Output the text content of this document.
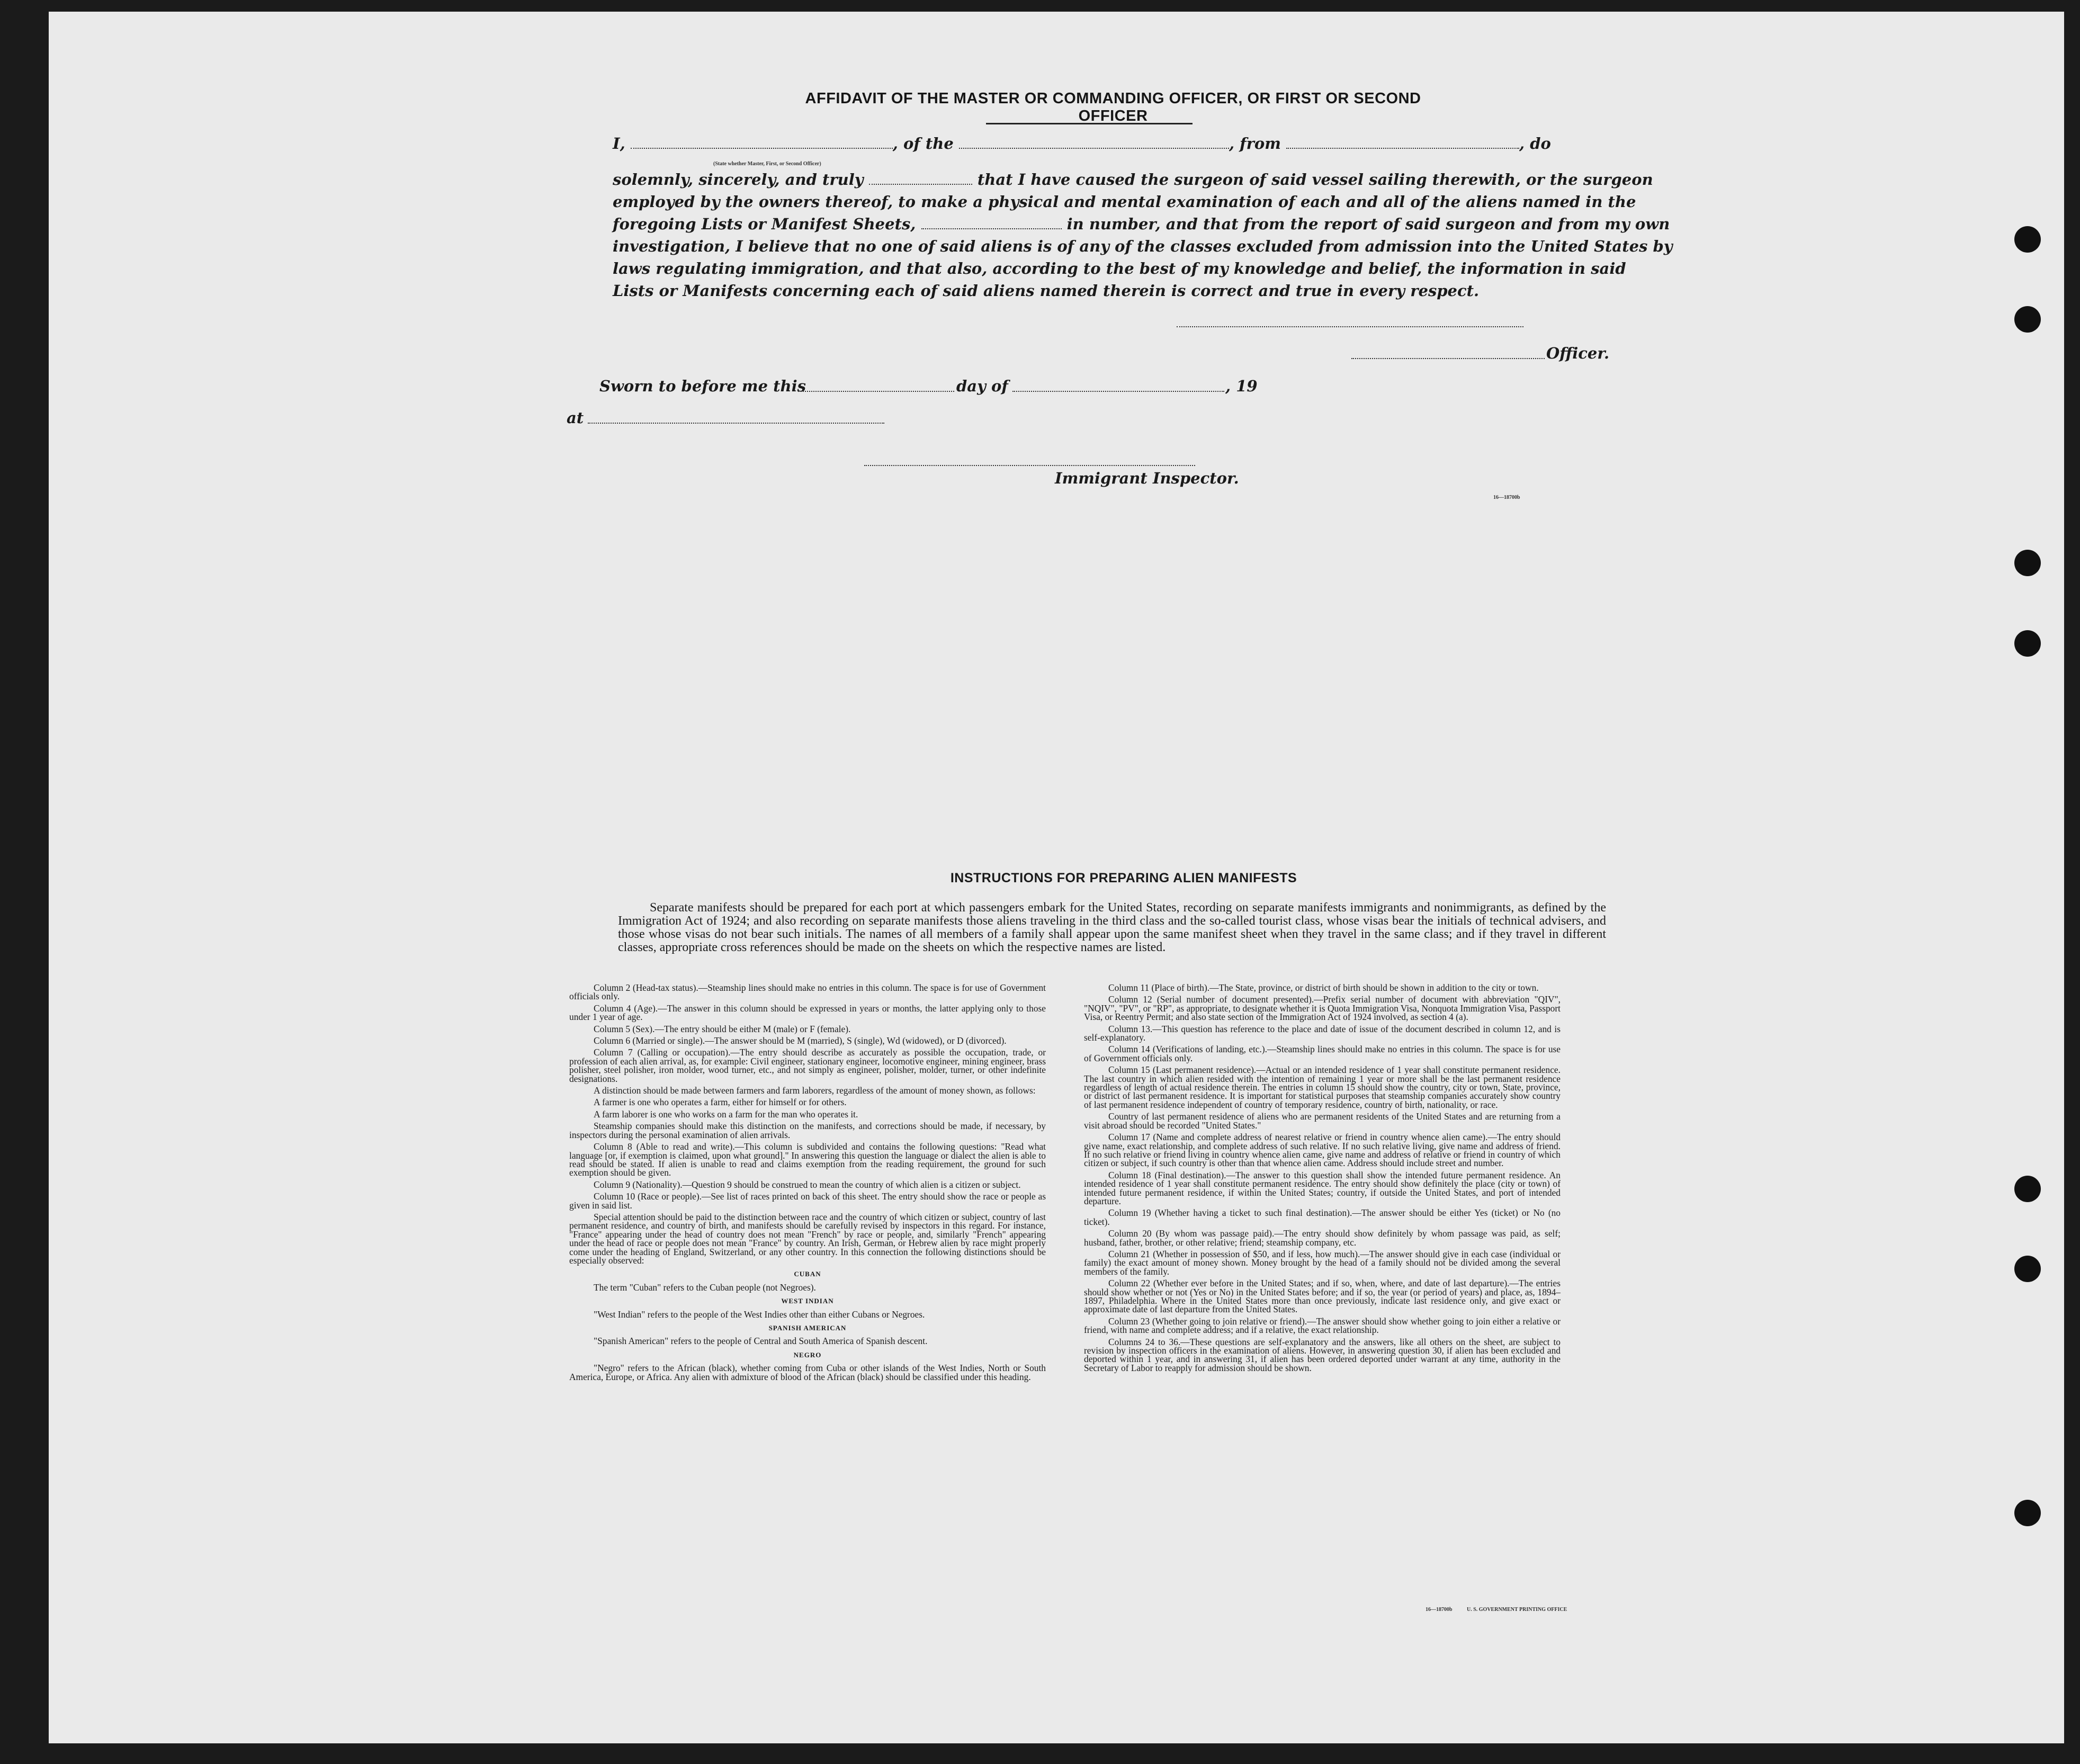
AFFIDAVIT OF THE MASTER OR COMMANDING OFFICER, OR FIRST OR SECOND OFFICER
I,	, of the	, from	, do
(State whether Master, First, or Second Officer)
solemnly, sincerely, and truly	that I have caused the surgeon of said vessel sailing therewith, or the surgeon
employed by the owners thereof, to make a physical and mental examination of each and all of the aliens named in the
foregoing Lists or Manifest Sheets,	in number, and that from the report of said surgeon and from my own
investigation, I believe that no one of said aliens is of any of the classes excluded from admission into the United States by
laws regulating immigration, and that also, according to the best of my knowledge and belief, the information in said
Lists or Manifests concerning each of said aliens named therein is correct and true in every respect.
Officer.
Sworn to before me this	day of	, 19
at
Immigrant Inspector.
16—18700b
INSTRUCTIONS FOR PREPARING ALIEN MANIFESTS
Separate manifests should be prepared for each port at which passengers embark for the United States, recording on separate manifests immigrants and nonimmigrants, as defined by the Immigration Act of 1924; and also recording on separate manifests those aliens traveling in the third class and the so-called tourist class, whose visas bear the initials of technical advisers, and those whose visas do not bear such initials. The names of all members of a family shall appear upon the same manifest sheet when they travel in the same class; and if they travel in different classes, appropriate cross references should be made on the sheets on which the respective names are listed.

Column 2 (Head-tax status).—Steamship lines should make no entries in this column. The space is for use of Government officials only.

Column 4 (Age).—The answer in this column should be expressed in years or months, the latter applying only to those under 1 year of age.

Column 5 (Sex).—The entry should be either M (male) or F (female).

Column 6 (Married or single).—The answer should be M (married), S (single), Wd (widowed), or D (divorced).

Column 7 (Calling or occupation).—The entry should describe as accurately as possible the occupation, trade, or profession of each alien arrival, as, for example: Civil engineer, stationary engineer, locomotive engineer, mining engineer, brass polisher, steel polisher, iron molder, wood turner, etc., and not simply as engineer, polisher, molder, turner, or other indefinite designations.

A distinction should be made between farmers and farm laborers, regardless of the amount of money shown, as follows:

A farmer is one who operates a farm, either for himself or for others.

A farm laborer is one who works on a farm for the man who operates it.

Steamship companies should make this distinction on the manifests, and corrections should be made, if necessary, by inspectors during the personal examination of alien arrivals.

Column 8 (Able to read and write).—This column is subdivided and contains the following questions: "Read what language [or, if exemption is claimed, upon what ground]." In answering this question the language or dialect the alien is able to read should be stated. If alien is unable to read and claims exemption from the reading requirement, the ground for such exemption should be given.

Column 9 (Nationality).—Question 9 should be construed to mean the country of which alien is a citizen or subject.

Column 10 (Race or people).—See list of races printed on back of this sheet. The entry should show the race or people as given in said list.

Special attention should be paid to the distinction between race and the country of which citizen or subject, country of last permanent residence, and country of birth, and manifests should be carefully revised by inspectors in this regard. For instance, "France" appearing under the head of country does not mean "French" by race or people, and, similarly "French" appearing under the head of race or people does not mean "France" by country. An Irish, German, or Hebrew alien by race might properly come under the heading of England, Switzerland, or any other country. In this connection the following distinctions should be especially observed:

CUBAN

The term "Cuban" refers to the Cuban people (not Negroes).

WEST INDIAN

"West Indian" refers to the people of the West Indies other than either Cubans or Negroes.

SPANISH AMERICAN

"Spanish American" refers to the people of Central and South America of Spanish descent.

NEGRO

"Negro" refers to the African (black), whether coming from Cuba or other islands of the West Indies, North or South America, Europe, or Africa. Any alien with admixture of blood of the African (black) should be classified under this heading.

Column 11 (Place of birth).—The State, province, or district of birth should be shown in addition to the city or town.

Column 12 (Serial number of document presented).—Prefix serial number of document with abbreviation "QIV", "NQIV", "PV", or "RP", as appropriate, to designate whether it is Quota Immigration Visa, Nonquota Immigration Visa, Passport Visa, or Reentry Permit; and also state section of the Immigration Act of 1924 involved, as section 4 (a).

Column 13.—This question has reference to the place and date of issue of the document described in column 12, and is self-explanatory.

Column 14 (Verifications of landing, etc.).—Steamship lines should make no entries in this column. The space is for use of Government officials only.

Column 15 (Last permanent residence).—Actual or an intended residence of 1 year shall constitute permanent residence. The last country in which alien resided with the intention of remaining 1 year or more shall be the last permanent residence regardless of length of actual residence therein. The entries in column 15 should show the country, city or town, State, province, or district of last permanent residence. It is important for statistical purposes that steamship companies accurately show country of last permanent residence independent of country of temporary residence, country of birth, nationality, or race.

Country of last permanent residence of aliens who are permanent residents of the United States and are returning from a visit abroad should be recorded "United States."

Column 17 (Name and complete address of nearest relative or friend in country whence alien came).—The entry should give name, exact relationship, and complete address of such relative. If no such relative living, give name and address of friend. If no such relative or friend living in country whence alien came, give name and address of relative or friend in country of which citizen or subject, if such country is other than that whence alien came. Address should include street and number.

Column 18 (Final destination).—The answer to this question shall show the intended future permanent residence. An intended residence of 1 year shall constitute permanent residence. The entry should show definitely the place (city or town) of intended future permanent residence, if within the United States; country, if outside the United States, and port of intended departure.

Column 19 (Whether having a ticket to such final destination).—The answer should be either Yes (ticket) or No (no ticket).

Column 20 (By whom was passage paid).—The entry should show definitely by whom passage was paid, as self; husband, father, brother, or other relative; friend; steamship company, etc.

Column 21 (Whether in possession of $50, and if less, how much).—The answer should give in each case (individual or family) the exact amount of money shown. Money brought by the head of a family should not be divided among the several members of the family.

Column 22 (Whether ever before in the United States; and if so, when, where, and date of last departure).—The entries should show whether or not (Yes or No) in the United States before; and if so, the year (or period of years) and place, as, 1894–1897, Philadelphia. Where in the United States more than once previously, indicate last residence only, and give exact or approximate date of last departure from the United States.

Column 23 (Whether going to join relative or friend).—The answer should show whether going to join either a relative or friend, with name and complete address; and if a relative, the exact relationship.

Columns 24 to 36.—These questions are self-explanatory and the answers, like all others on the sheet, are subject to revision by inspection officers in the examination of aliens. However, in answering question 30, if alien has been excluded and deported within 1 year, and in answering 31, if alien has been ordered deported under warrant at any time, authority in the Secretary of Labor to reapply for admission should be shown.

16—18700b	U. S. GOVERNMENT PRINTING OFFICE
